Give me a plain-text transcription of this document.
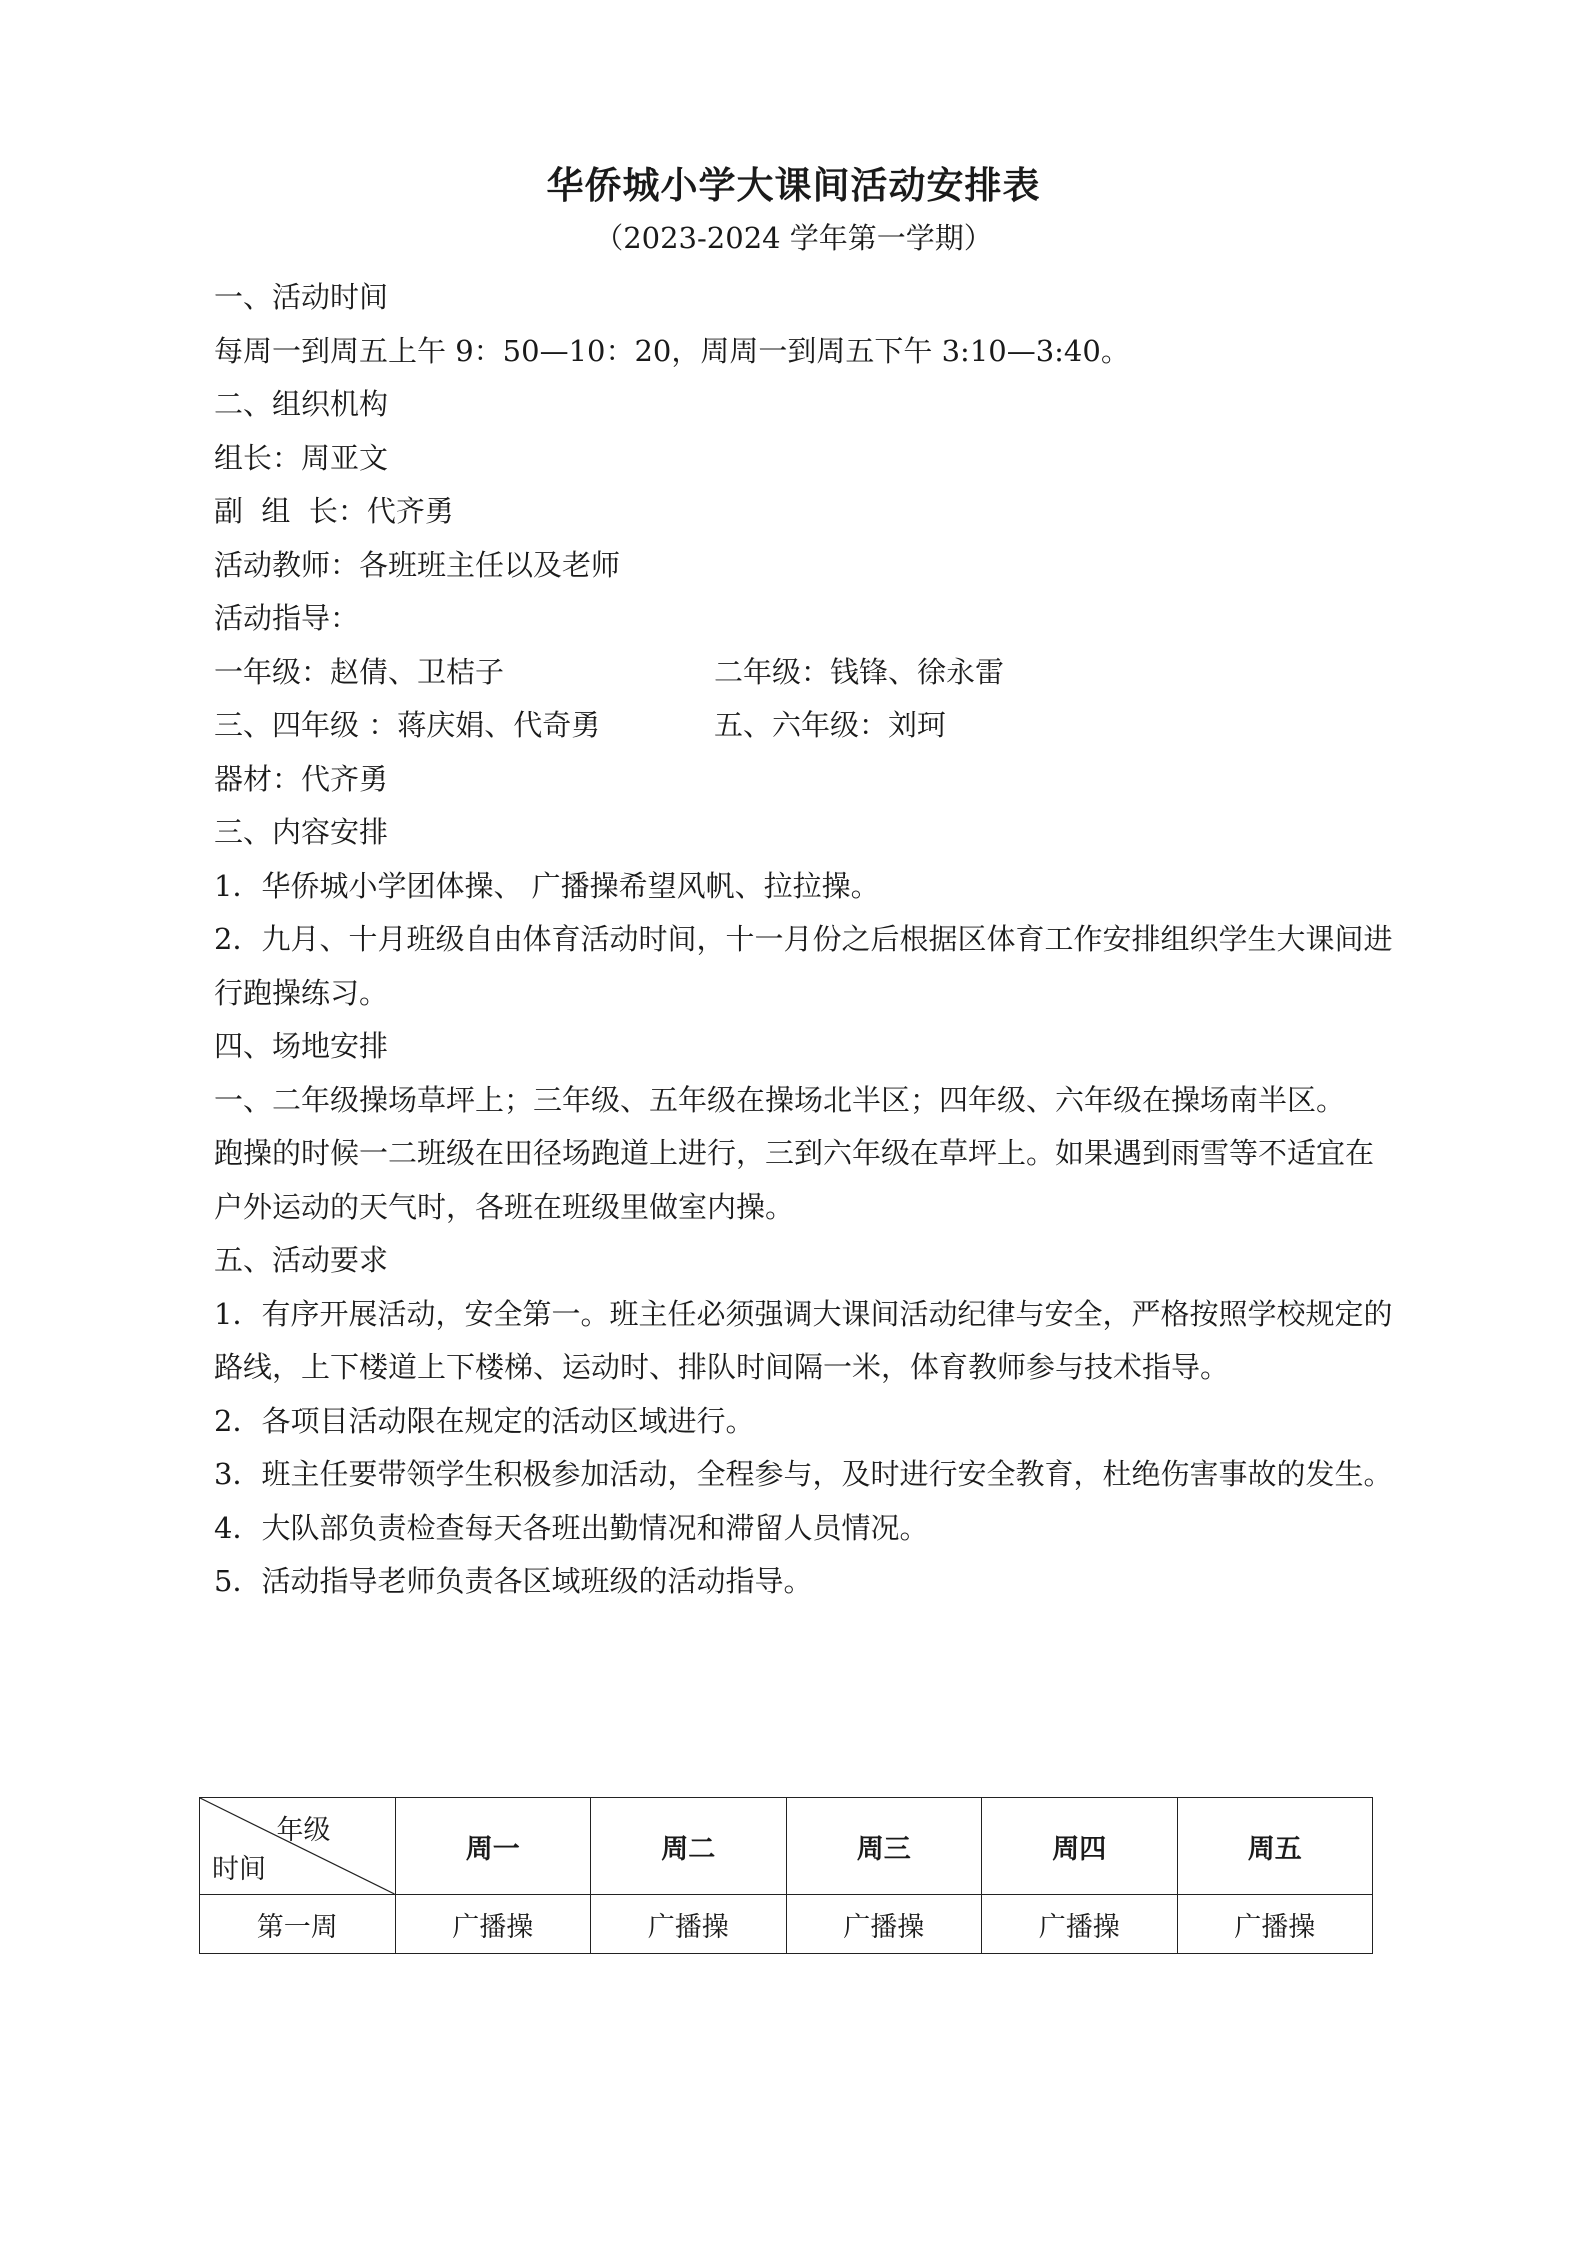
华侨城小学大课间活动安排表
（2023-2024 学年第一学期）

一、活动时间

每周一到周五上午 9：50—10：20，周周一到周五下午 3:10—3:40。

二、组织机构

组长：周亚文

副  组  长：代齐勇

活动教师：各班班主任以及老师

活动指导：

一年级：赵倩、卫桔子	二年级：钱锋、徐永雷
三、四年级 ：蒋庆娟、代奇勇	五、六年级：刘珂

器材：代齐勇

三、内容安排

1．华侨城小学团体操、 广播操希望风帆、拉拉操。

2．九月、十月班级自由体育活动时间，十一月份之后根据区体育工作安排组织学生大课间进行跑操练习。

四、场地安排

一、二年级操场草坪上；三年级、五年级在操场北半区；四年级、六年级在操场南半区。

跑操的时候一二班级在田径场跑道上进行，三到六年级在草坪上。如果遇到雨雪等不适宜在户外运动的天气时，各班在班级里做室内操。

五、活动要求

1．有序开展活动，安全第一。班主任必须强调大课间活动纪律与安全，严格按照学校规定的路线，上下楼道上下楼梯、运动时、排队时间隔一米，体育教师参与技术指导。

2．各项目活动限在规定的活动区域进行。

3．班主任要带领学生积极参加活动，全程参与，及时进行安全教育，杜绝伤害事故的发生。

4．大队部负责检查每天各班出勤情况和滞留人员情况。

5．活动指导老师负责各区域班级的活动指导。

年级
时间	周一	周二	周三	周四	周五
第一周	广播操	广播操	广播操	广播操	广播操
